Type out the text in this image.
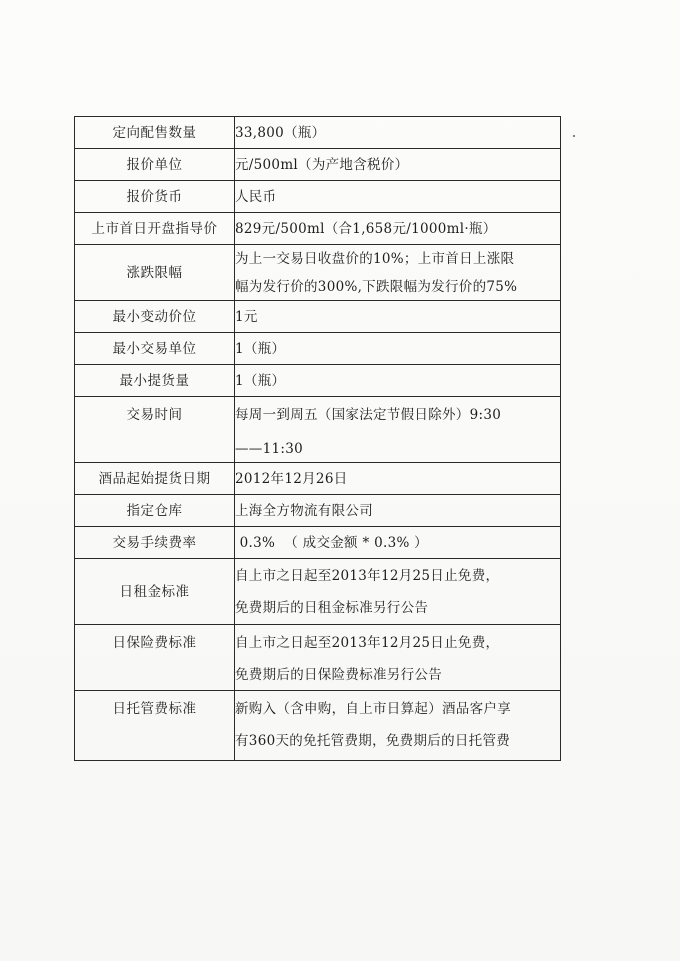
定向配售数量	33,800（瓶）
报价单位	元/500ml（为产地含税价）
报价货币	人民币
上市首日开盘指导价	829元/500ml（合1,658元/1000ml·瓶）
涨跌限幅	为上一交易日收盘价的10%；上市首日上涨限
幅为发行价的300%,下跌限幅为发行价的75%

最小变动价位	1元
最小交易单位	1（瓶）
最小提货量	1（瓶）
交易时间	每周一到周五（国家法定节假日除外）9:30
——11:30

酒品起始提货日期	2012年12月26日
指定仓库	上海全方物流有限公司
交易手续费率	0.3%  （ 成交金额 * 0.3% ）
日租金标准	自上市之日起至2013年12月25日止免费，
免费期后的日租金标准另行公告

日保险费标准	自上市之日起至2013年12月25日止免费，
免费期后的日保险费标准另行公告

日托管费标准	新购入（含申购，自上市日算起）酒品客户享
有360天的免托管费期，免费期后的日托管费
